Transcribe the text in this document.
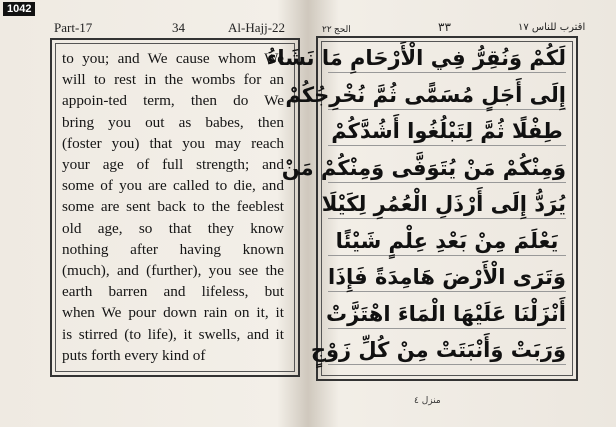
1042
Part-17	34	Al-Hajj-22
to you; and We cause whom We
will to rest in the wombs for an
appoin-ted term, then do We
bring you out as babes, then
(foster you) that you may reach
your age of full strength; and
some of you are called to die, and
some are sent back to the feeblest
old age, so that they know
nothing after having known
(much), and (further), you see the
earth barren and lifeless, but
when We pour down rain on it, it
is stirred (to life), it swells, and it
puts forth every kind of
الحج ٢٢	٣٣	اقترب للناس ١٧
لَكُمْ وَنُقِرُّ فِي الْأَرْحَامِ مَا نَشَاءُ
إِلَى أَجَلٍ مُسَمًّى ثُمَّ نُخْرِجُكُمْ
طِفْلًا ثُمَّ لِتَبْلُغُوا أَشُدَّكُمْ
وَمِنْكُمْ مَنْ يُتَوَفَّى وَمِنْكُمْ مَنْ
يُرَدُّ إِلَى أَرْذَلِ الْعُمُرِ لِكَيْلَا
يَعْلَمَ مِنْ بَعْدِ عِلْمٍ شَيْئًا
وَتَرَى الْأَرْضَ هَامِدَةً فَإِذَا
أَنْزَلْنَا عَلَيْهَا الْمَاءَ اهْتَزَّتْ
وَرَبَتْ وَأَنْبَتَتْ مِنْ كُلِّ زَوْجٍ
منزل ٤
